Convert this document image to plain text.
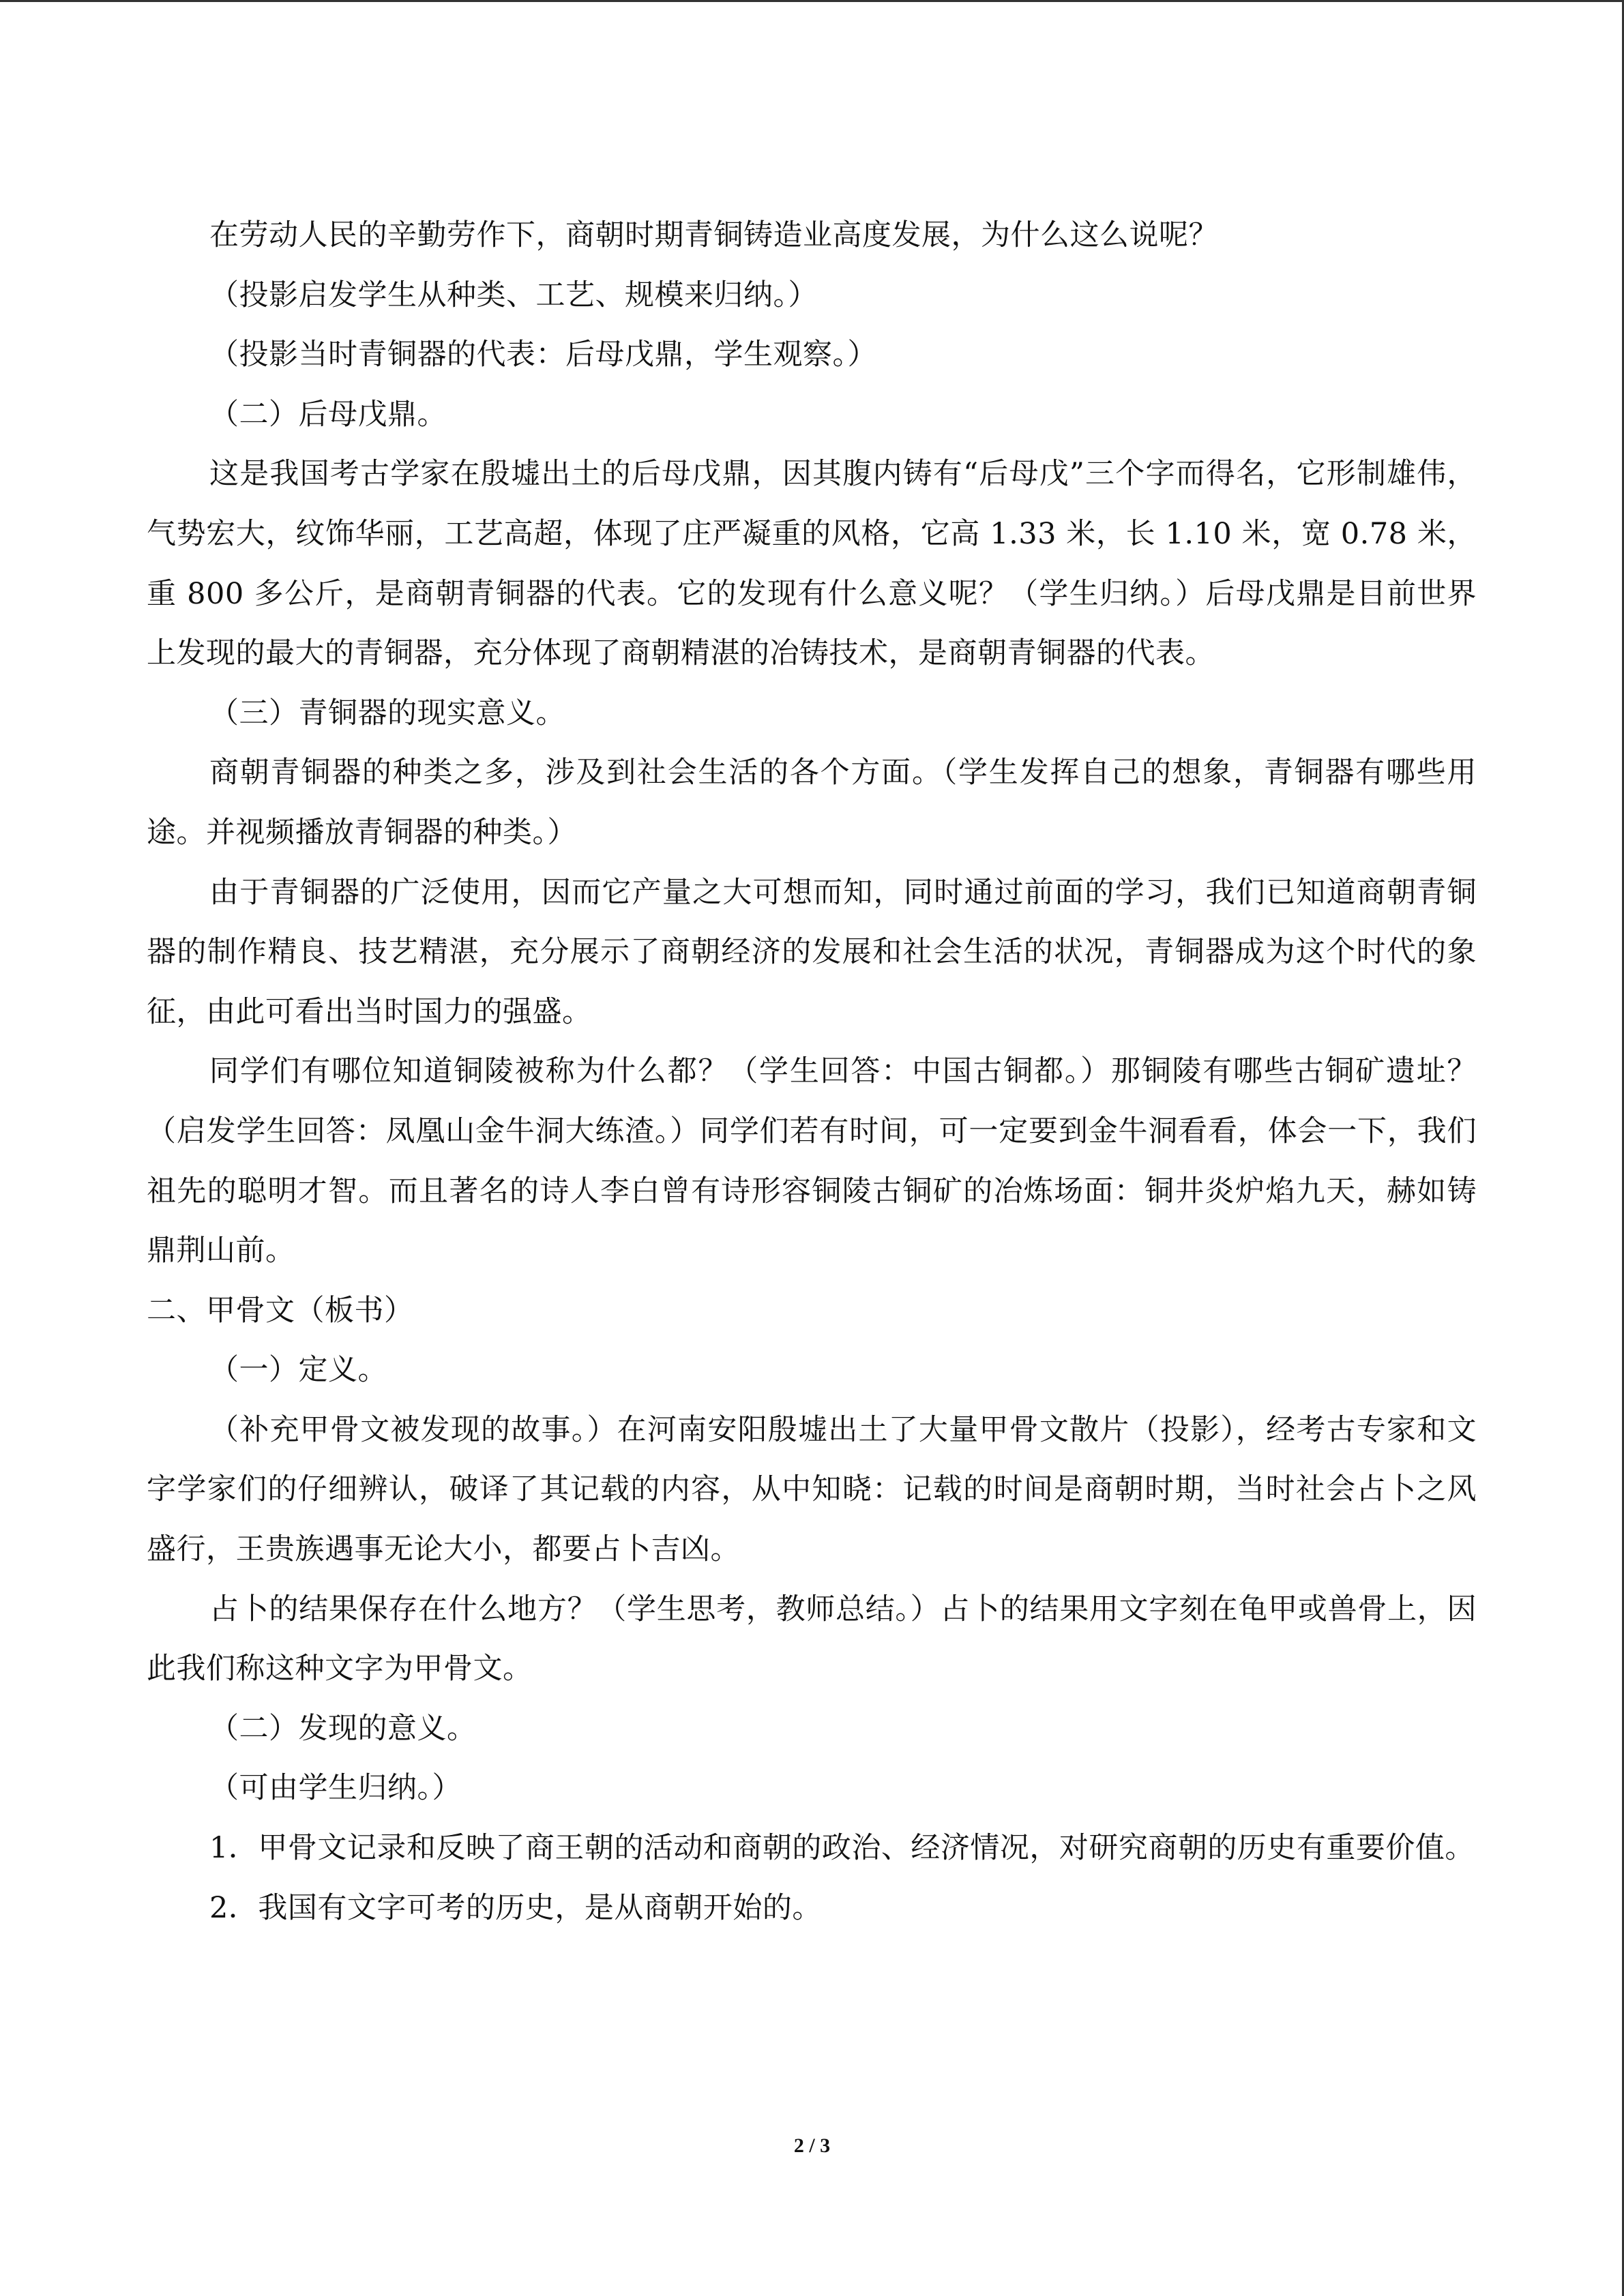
在劳动人民的辛勤劳作下，商朝时期青铜铸造业高度发展，为什么这么说呢？

（投影启发学生从种类、工艺、规模来归纳。）

（投影当时青铜器的代表：后母戊鼎，学生观察。）

（二）后母戊鼎。

这是我国考古学家在殷墟出土的后母戊鼎，因其腹内铸有“后母戊”三个字而得名，它形制雄伟，气势宏大，纹饰华丽，工艺高超，体现了庄严凝重的风格，它高 1.33 米，长 1.10 米，宽 0.78 米，重 800 多公斤，是商朝青铜器的代表。它的发现有什么意义呢？（学生归纳。）后母戊鼎是目前世界上发现的最大的青铜器，充分体现了商朝精湛的冶铸技术，是商朝青铜器的代表。

（三）青铜器的现实意义。

商朝青铜器的种类之多，涉及到社会生活的各个方面。（学生发挥自己的想象，青铜器有哪些用途。并视频播放青铜器的种类。）

由于青铜器的广泛使用，因而它产量之大可想而知，同时通过前面的学习，我们已知道商朝青铜器的制作精良、技艺精湛，充分展示了商朝经济的发展和社会生活的状况，青铜器成为这个时代的象征，由此可看出当时国力的强盛。

同学们有哪位知道铜陵被称为什么都？（学生回答：中国古铜都。）那铜陵有哪些古铜矿遗址？（启发学生回答：凤凰山金牛洞大练渣。）同学们若有时间，可一定要到金牛洞看看，体会一下，我们祖先的聪明才智。而且著名的诗人李白曾有诗形容铜陵古铜矿的冶炼场面：铜井炎炉焰九天，赫如铸鼎荆山前。

二、甲骨文（板书）

（一）定义。

（补充甲骨文被发现的故事。）在河南安阳殷墟出土了大量甲骨文散片（投影），经考古专家和文字学家们的仔细辨认，破译了其记载的内容，从中知晓：记载的时间是商朝时期，当时社会占卜之风盛行，王贵族遇事无论大小，都要占卜吉凶。

占卜的结果保存在什么地方？（学生思考，教师总结。）占卜的结果用文字刻在龟甲或兽骨上，因此我们称这种文字为甲骨文。

（二）发现的意义。

（可由学生归纳。）

1．甲骨文记录和反映了商王朝的活动和商朝的政治、经济情况，对研究商朝的历史有重要价值。

2．我国有文字可考的历史，是从商朝开始的。

2 / 3
